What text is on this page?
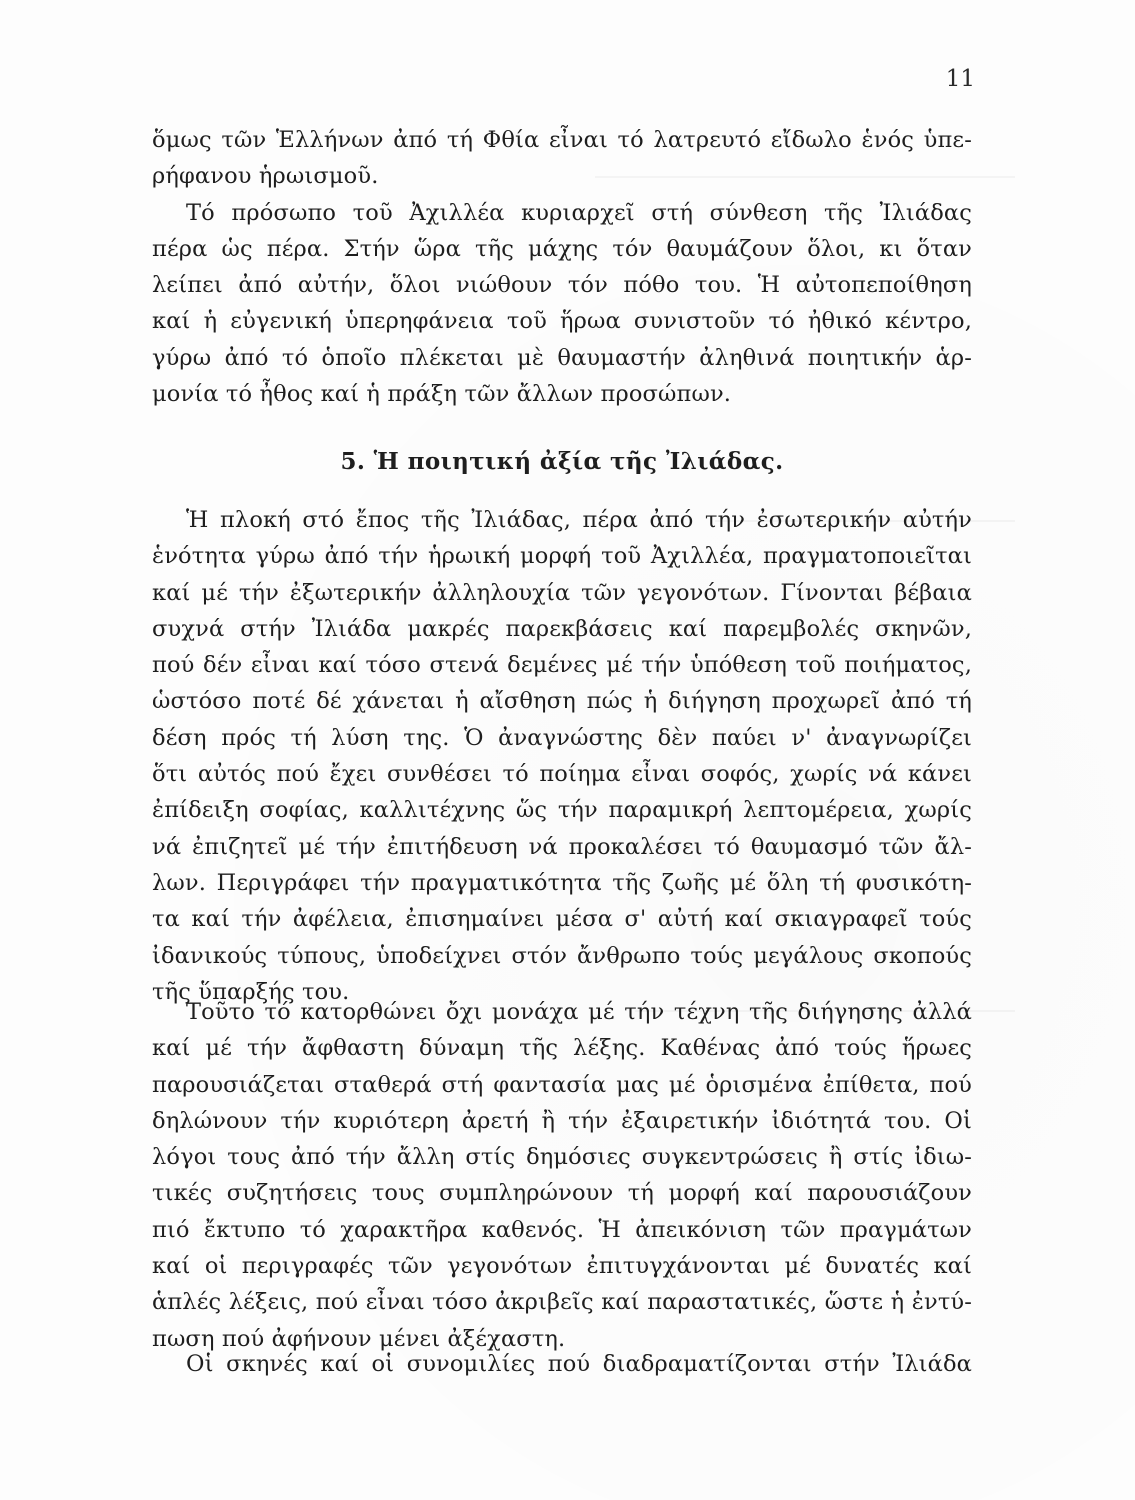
11
ὅμως τῶν Ἑλλήνων ἀπό τή Φθία εἶναι τό λατρευτό εἴδωλο ἑνός ὑπε-
ρήφανου ἡρωισμοῦ.
Τό πρόσωπο τοῦ Ἀχιλλέα κυριαρχεῖ στή σύνθεση τῆς Ἰλιάδας
πέρα ὡς πέρα. Στήν ὥρα τῆς μάχης τόν θαυμάζουν ὅλοι, κι ὅταν
λείπει ἀπό αὐτήν, ὅλοι νιώθουν τόν πόθο του. Ἡ αὐτοπεποίθηση
καί ἡ εὐγενική ὑπερηφάνεια τοῦ ἥρωα συνιστοῦν τό ἠθικό κέντρο,
γύρω ἀπό τό ὁποῖο πλέκεται μὲ θαυμαστήν ἀληθινά ποιητικήν ἁρ-
μονία τό ἦθος καί ἡ πράξη τῶν ἄλλων προσώπων.
5. Ἡ ποιητική ἀξία τῆς Ἰλιάδας.
Ἡ πλοκή στό ἔπος τῆς Ἰλιάδας, πέρα ἀπό τήν ἐσωτερικήν αὐτήν
ἑνότητα γύρω ἀπό τήν ἡρωική μορφή τοῦ Ἀχιλλέα, πραγματοποιεῖται
καί μέ τήν ἐξωτερικήν ἀλληλουχία τῶν γεγονότων. Γίνονται βέβαια
συχνά στήν Ἰλιάδα μακρές παρεκβάσεις καί παρεμβολές σκηνῶν,
πού δέν εἶναι καί τόσο στενά δεμένες μέ τήν ὑπόθεση τοῦ ποιήματος,
ὡστόσο ποτέ δέ χάνεται ἡ αἴσθηση πώς ἡ διήγηση προχωρεῖ ἀπό τή
δέση πρός τή λύση της. Ὁ ἀναγνώστης δὲν παύει ν' ἀναγνωρίζει
ὅτι αὐτός πού ἔχει συνθέσει τό ποίημα εἶναι σοφός, χωρίς νά κάνει
ἐπίδειξη σοφίας, καλλιτέχνης ὥς τήν παραμικρή λεπτομέρεια, χωρίς
νά ἐπιζητεῖ μέ τήν ἐπιτήδευση νά προκαλέσει τό θαυμασμό τῶν ἄλ-
λων. Περιγράφει τήν πραγματικότητα τῆς ζωῆς μέ ὅλη τή φυσικότη-
τα καί τήν ἀφέλεια, ἐπισημαίνει μέσα σ' αὐτή καί σκιαγραφεῖ τούς
ἰδανικούς τύπους, ὑποδείχνει στόν ἄνθρωπο τούς μεγάλους σκοπούς
τῆς ὕπαρξής του.
Τοῦτο τό κατορθώνει ὄχι μονάχα μέ τήν τέχνη τῆς διήγησης ἀλλά
καί μέ τήν ἄφθαστη δύναμη τῆς λέξης. Καθένας ἀπό τούς ἥρωες
παρουσιάζεται σταθερά στή φαντασία μας μέ ὁρισμένα ἐπίθετα, πού
δηλώνουν τήν κυριότερη ἀρετή ἢ τήν ἐξαιρετικήν ἰδιότητά του. Οἱ
λόγοι τους ἀπό τήν ἄλλη στίς δημόσιες συγκεντρώσεις ἢ στίς ἰδιω-
τικές συζητήσεις τους συμπληρώνουν τή μορφή καί παρουσιάζουν
πιό ἔκτυπο τό χαρακτῆρα καθενός. Ἡ ἀπεικόνιση τῶν πραγμάτων
καί οἱ περιγραφές τῶν γεγονότων ἐπιτυγχάνονται μέ δυνατές καί
ἁπλές λέξεις, πού εἶναι τόσο ἀκριβεῖς καί παραστατικές, ὥστε ἡ ἐντύ-
πωση πού ἀφήνουν μένει ἀξέχαστη.
Οἱ σκηνές καί οἱ συνομιλίες πού διαδραματίζονται στήν Ἰλιάδα
